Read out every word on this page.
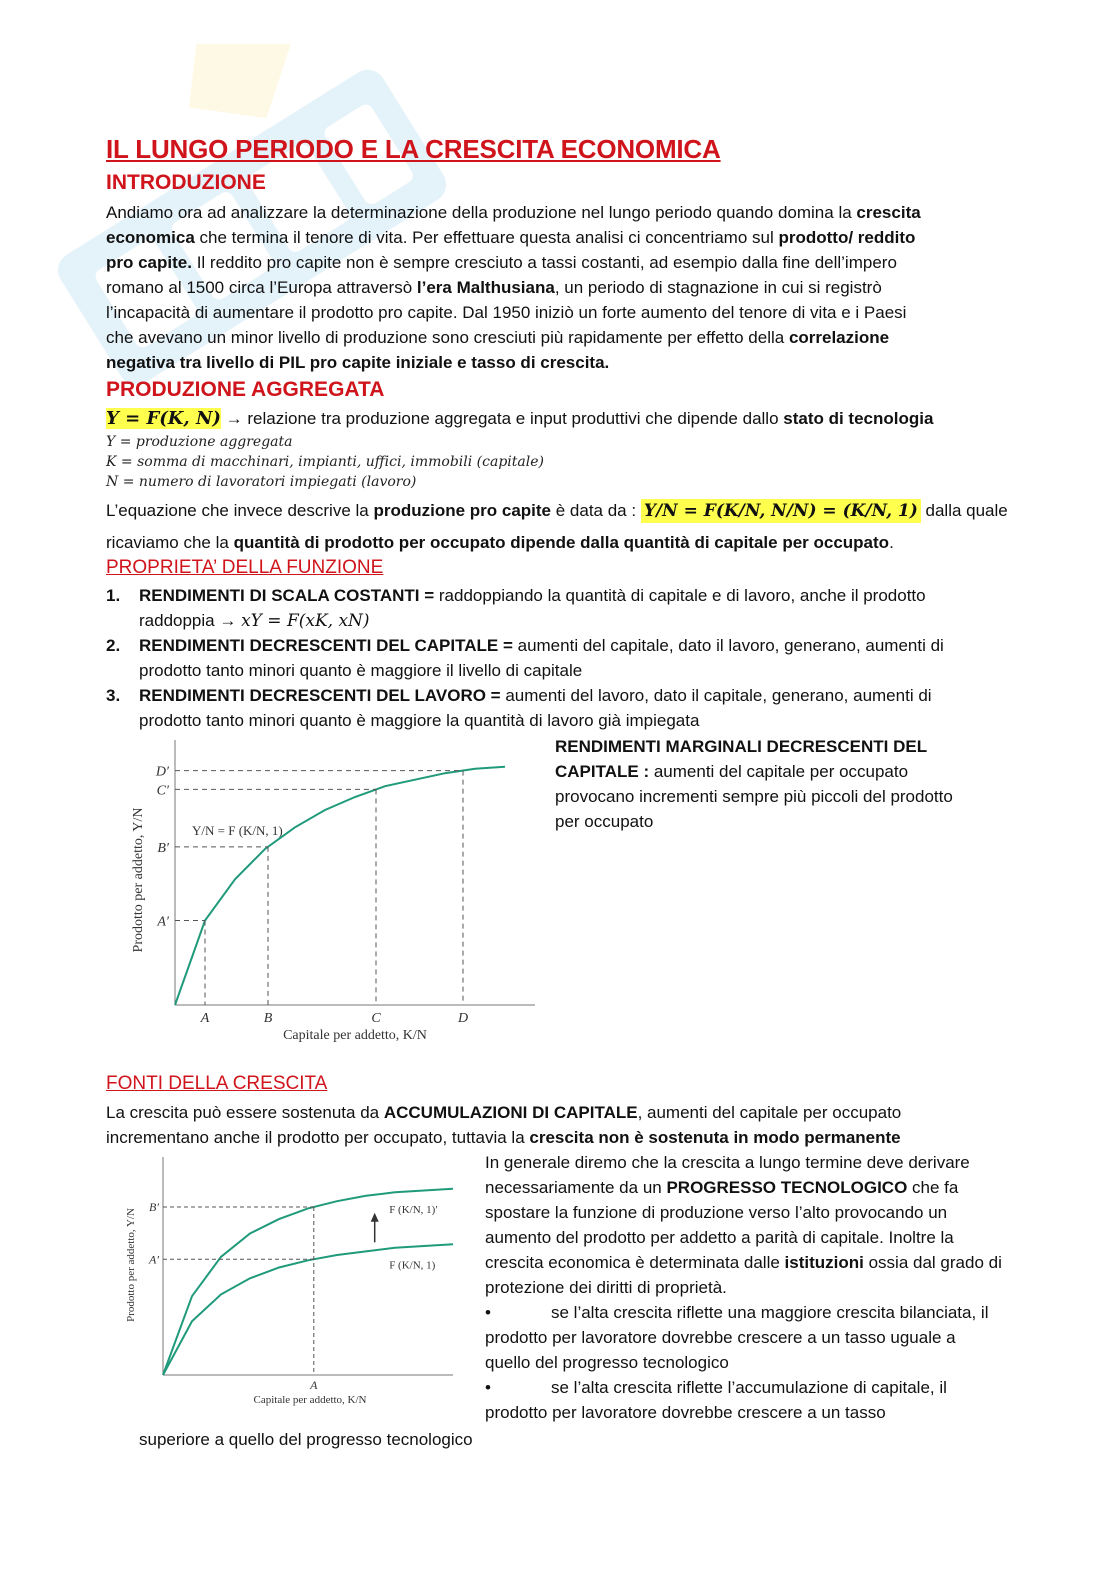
IL LUNGO PERIODO E LA CRESCITA ECONOMICA
INTRODUZIONE
Andiamo ora ad analizzare la determinazione della produzione nel lungo periodo quando domina la crescita
economica che termina il tenore di vita. Per effettuare questa analisi ci concentriamo sul prodotto/ reddito
pro capite. Il reddito pro capite non è sempre cresciuto a tassi costanti, ad esempio dalla fine dell’impero
romano al 1500 circa l’Europa attraversò l’era Malthusiana, un periodo di stagnazione in cui si registrò
l’incapacità di aumentare il prodotto pro capite. Dal 1950 iniziò un forte aumento del tenore di vita e i Paesi
che avevano un minor livello di produzione sono cresciuti più rapidamente per effetto della correlazione
negativa tra livello di PIL pro capite iniziale e tasso di crescita.
PRODUZIONE AGGREGATA
Y = F(K, N) → relazione tra produzione aggregata e input produttivi che dipende dallo stato di tecnologia
Y = produzione aggregata
K = somma di macchinari, impianti, uffici, immobili (capitale)
N = numero di lavoratori impiegati (lavoro)
L’equazione che invece descrive la produzione pro capite è data da : Y/N = F(K/N, N/N) = (K/N, 1) dalla quale
ricaviamo che la quantità di prodotto per occupato dipende dalla quantità di capitale per occupato.
PROPRIETA’ DELLA FUNZIONE
1. RENDIMENTI DI SCALA COSTANTI = raddoppiando la quantità di capitale e di lavoro, anche il prodotto
raddoppia → xY = F(xK, xN)
2. RENDIMENTI DECRESCENTI DEL CAPITALE = aumenti del capitale, dato il lavoro, generano, aumenti di
prodotto tanto minori quanto è maggiore il livello di capitale
3. RENDIMENTI DECRESCENTI DEL LAVORO = aumenti del lavoro, dato il capitale, generano, aumenti di
prodotto tanto minori quanto è maggiore la quantità di lavoro già impiegata
Prodotto per addetto, Y/N
Capitale per addetto, K/N
Y/N = F (K/N, 1)
A
A′
B
B′
C
C′
D
D′
RENDIMENTI MARGINALI DECRESCENTI DEL CAPITALE : aumenti del capitale per occupato provocano incrementi sempre più piccoli del prodotto per occupato
FONTI DELLA CRESCITA
La crescita può essere sostenuta da ACCUMULAZIONI DI CAPITALE, aumenti del capitale per occupato
incrementano anche il prodotto per occupato, tuttavia la crescita non è sostenuta in modo permanente
Prodotto per addetto, Y/N
Capitale per addetto, K/N
A
B′
A′
F (K/N, 1)′
F (K/N, 1)
In generale diremo che la crescita a lungo termine deve derivare necessariamente da un PROGRESSO TECNOLOGICO che fa spostare la funzione di produzione verso l’alto provocando un aumento del prodotto per addetto a parità di capitale. Inoltre la crescita economica è determinata dalle istituzioni ossia dal grado di protezione dei diritti di proprietà.
•	se l’alta crescita riflette una maggiore crescita bilanciata, il prodotto per lavoratore dovrebbe crescere a un tasso uguale a quello del progresso tecnologico
•	se l’alta crescita riflette l’accumulazione di capitale, il prodotto per lavoratore dovrebbe crescere a un tasso
superiore a quello del progresso tecnologico
